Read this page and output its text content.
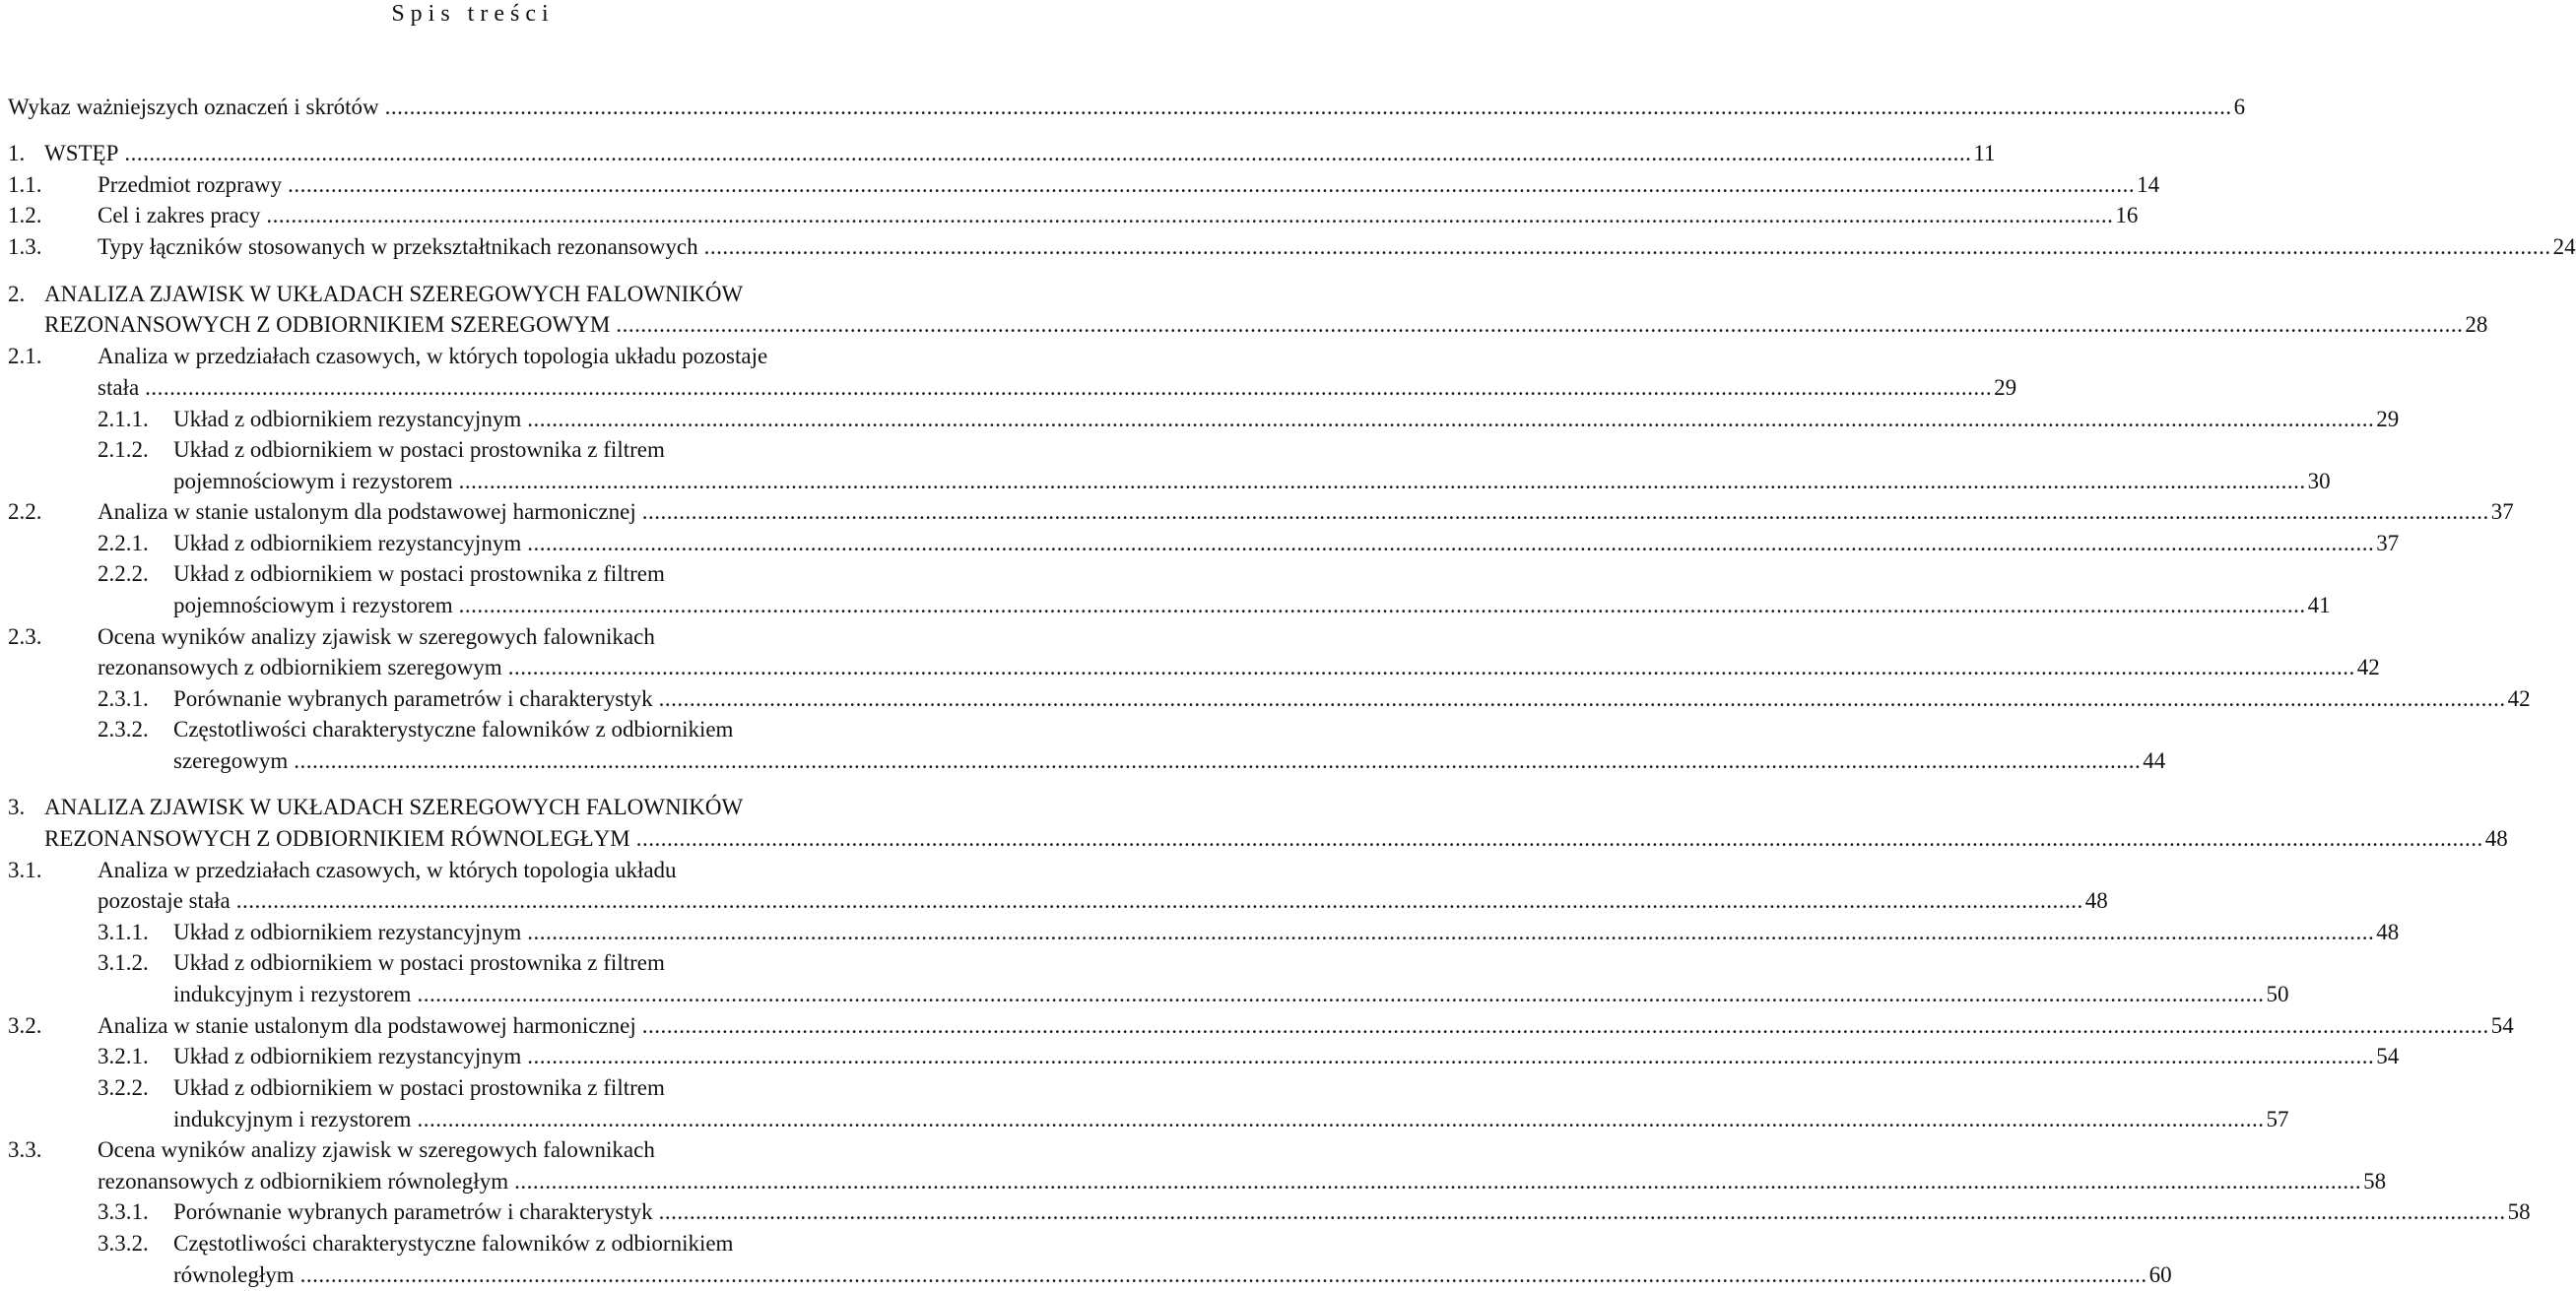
Spis treści
Wykaz ważniejszych oznaczeń i skrótów ............................................................................................................................................................................................................................................................................................................ 6
1. WSTĘP ............................................................................................................................................................................................................................................................................................................ 11
1.1. Przedmiot rozprawy ............................................................................................................................................................................................................................................................................................................ 14
1.2. Cel i zakres pracy ............................................................................................................................................................................................................................................................................................................ 16
1.3. Typy łączników stosowanych w przekształtnikach rezonansowych ............................................................................................................................................................................................................................................................................................................ 24
2. ANALIZA ZJAWISK W UKŁADACH SZEREGOWYCH FALOWNIKÓW
REZONANSOWYCH Z ODBIORNIKIEM SZEREGOWYM ............................................................................................................................................................................................................................................................................................................ 28
2.1. Analiza w przedziałach czasowych, w których topologia układu pozostaje
stała ............................................................................................................................................................................................................................................................................................................ 29
2.1.1. Układ z odbiornikiem rezystancyjnym ............................................................................................................................................................................................................................................................................................................ 29
2.1.2. Układ z odbiornikiem w postaci prostownika z filtrem
pojemnościowym i rezystorem ............................................................................................................................................................................................................................................................................................................ 30
2.2. Analiza w stanie ustalonym dla podstawowej harmonicznej ............................................................................................................................................................................................................................................................................................................ 37
2.2.1. Układ z odbiornikiem rezystancyjnym ............................................................................................................................................................................................................................................................................................................ 37
2.2.2. Układ z odbiornikiem w postaci prostownika z filtrem
pojemnościowym i rezystorem ............................................................................................................................................................................................................................................................................................................ 41
2.3. Ocena wyników analizy zjawisk w szeregowych falownikach
rezonansowych z odbiornikiem szeregowym ............................................................................................................................................................................................................................................................................................................ 42
2.3.1. Porównanie wybranych parametrów i charakterystyk ............................................................................................................................................................................................................................................................................................................ 42
2.3.2. Częstotliwości charakterystyczne falowników z odbiornikiem
szeregowym ............................................................................................................................................................................................................................................................................................................ 44
3. ANALIZA ZJAWISK W UKŁADACH SZEREGOWYCH FALOWNIKÓW
REZONANSOWYCH Z ODBIORNIKIEM RÓWNOLEGŁYM ............................................................................................................................................................................................................................................................................................................ 48
3.1. Analiza w przedziałach czasowych, w których topologia układu
pozostaje stała ............................................................................................................................................................................................................................................................................................................ 48
3.1.1. Układ z odbiornikiem rezystancyjnym ............................................................................................................................................................................................................................................................................................................ 48
3.1.2. Układ z odbiornikiem w postaci prostownika z filtrem
indukcyjnym i rezystorem ............................................................................................................................................................................................................................................................................................................ 50
3.2. Analiza w stanie ustalonym dla podstawowej harmonicznej ............................................................................................................................................................................................................................................................................................................ 54
3.2.1. Układ z odbiornikiem rezystancyjnym ............................................................................................................................................................................................................................................................................................................ 54
3.2.2. Układ z odbiornikiem w postaci prostownika z filtrem
indukcyjnym i rezystorem ............................................................................................................................................................................................................................................................................................................ 57
3.3. Ocena wyników analizy zjawisk w szeregowych falownikach
rezonansowych z odbiornikiem równoległym ............................................................................................................................................................................................................................................................................................................ 58
3.3.1. Porównanie wybranych parametrów i charakterystyk ............................................................................................................................................................................................................................................................................................................ 58
3.3.2. Częstotliwości charakterystyczne falowników z odbiornikiem
równoległym ............................................................................................................................................................................................................................................................................................................ 60
